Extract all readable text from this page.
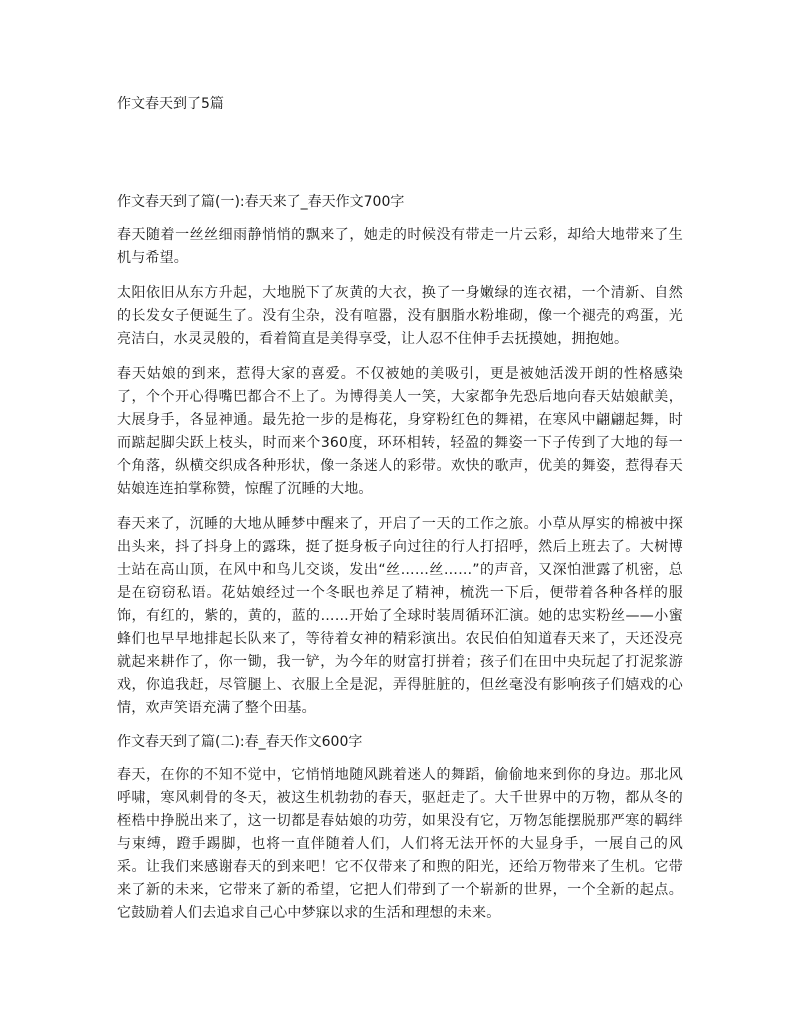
作文春天到了5篇
作文春天到了篇(一):春天来了_春天作文700字

春天随着一丝丝细雨静悄悄的飘来了，她走的时候没有带走一片云彩，却给大地带来了生机与希望。

太阳依旧从东方升起，大地脱下了灰黄的大衣，换了一身嫩绿的连衣裙，一个清新、自然的长发女子便诞生了。没有尘杂，没有喧嚣，没有胭脂水粉堆砌，像一个褪壳的鸡蛋，光亮洁白，水灵灵般的，看着简直是美得享受，让人忍不住伸手去抚摸她，拥抱她。

春天姑娘的到来，惹得大家的喜爱。不仅被她的美吸引，更是被她活泼开朗的性格感染了，个个开心得嘴巴都合不上了。为博得美人一笑，大家都争先恐后地向春天姑娘献美，大展身手，各显神通。最先抢一步的是梅花，身穿粉红色的舞裙，在寒风中翩翩起舞，时而踮起脚尖跃上枝头，时而来个360度，环环相转，轻盈的舞姿一下子传到了大地的每一个角落，纵横交织成各种形状，像一条迷人的彩带。欢快的歌声，优美的舞姿，惹得春天姑娘连连拍掌称赞，惊醒了沉睡的大地。

春天来了，沉睡的大地从睡梦中醒来了，开启了一天的工作之旅。小草从厚实的棉被中探出头来，抖了抖身上的露珠，挺了挺身板子向过往的行人打招呼，然后上班去了。大树博士站在高山顶，在风中和鸟儿交谈，发出“丝……丝……”的声音，又深怕泄露了机密，总是在窃窃私语。花姑娘经过一个冬眠也养足了精神，梳洗一下后，便带着各种各样的服饰，有红的，紫的，黄的，蓝的……开始了全球时装周循环汇演。她的忠实粉丝——小蜜蜂们也早早地排起长队来了，等待着女神的精彩演出。农民伯伯知道春天来了，天还没亮就起来耕作了，你一锄，我一铲，为今年的财富打拼着；孩子们在田中央玩起了打泥浆游戏，你追我赶，尽管腿上、衣服上全是泥，弄得脏脏的，但丝毫没有影响孩子们嬉戏的心情，欢声笑语充满了整个田基。

作文春天到了篇(二):春_春天作文600字

春天，在你的不知不觉中，它悄悄地随风跳着迷人的舞蹈，偷偷地来到你的身边。那北风呼啸，寒风刺骨的冬天，被这生机勃勃的春天，驱赶走了。大千世界中的万物，都从冬的桎梏中挣脱出来了，这一切都是春姑娘的功劳，如果没有它，万物怎能摆脱那严寒的羁绊与束缚，蹬手踢脚，也将一直伴随着人们，人们将无法开怀的大显身手，一展自己的风采。让我们来感谢春天的到来吧！它不仅带来了和煦的阳光，还给万物带来了生机。它带来了新的未来，它带来了新的希望，它把人们带到了一个崭新的世界，一个全新的起点。它鼓励着人们去追求自己心中梦寐以求的生活和理想的未来。
